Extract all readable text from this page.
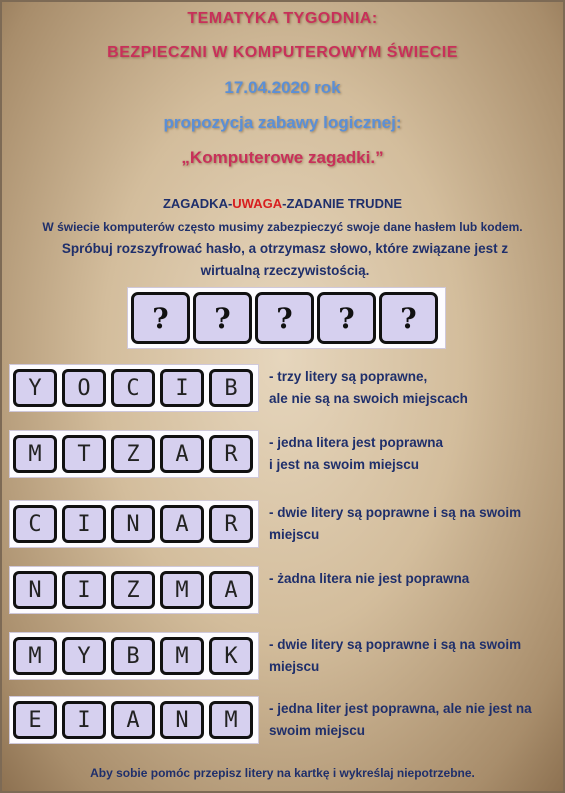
TEMATYKA TYGODNIA:
BEZPIECZNI W KOMPUTEROWYM ŚWIECIE
17.04.2020 rok
propozycja zabawy logicznej:
„Komputerowe zagadki.”
ZAGADKA-UWAGA-ZADANIE TRUDNE
W świecie komputerów często musimy zabezpieczyć swoje dane hasłem lub kodem.
Spróbuj rozszyfrować hasło, a otrzymasz słowo, które związane jest z wirtualną rzeczywistością.
?	?	?	?	?
Y	O	C	I	B	- trzy litery są poprawne,
ale nie są na swoich miejscach
M	T	Z	A	R	- jedna litera jest poprawna
i jest na swoim miejscu
C	I	N	A	R	- dwie litery są poprawne i są na swoim
miejscu
N	I	Z	M	A	- żadna litera nie jest poprawna
M	Y	B	M	K	- dwie litery są poprawne i są na swoim
miejscu
E	I	A	N	M	- jedna liter jest poprawna, ale nie jest na
swoim miejscu
Aby sobie pomóc przepisz litery na kartkę i wykreślaj niepotrzebne.
